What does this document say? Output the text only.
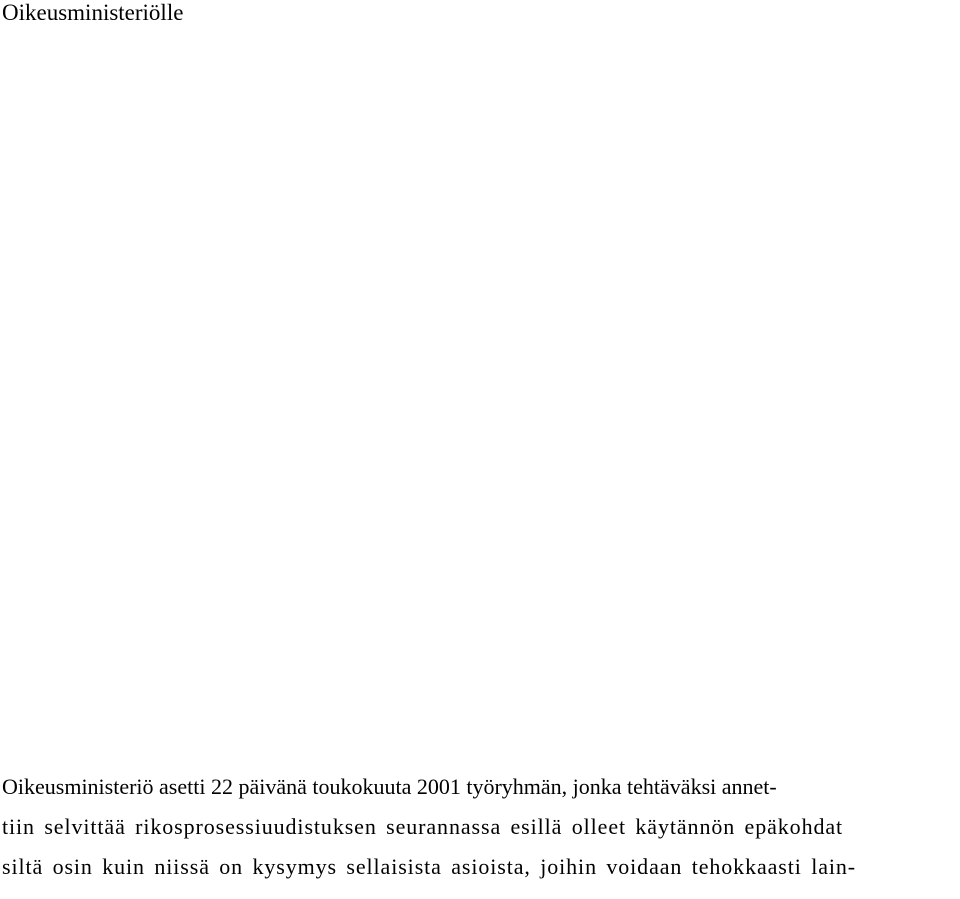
Oikeusministeriölle
Oikeusministeriö asetti 22 päivänä toukokuuta 2001 työryhmän, jonka tehtäväksi annet-
tiin selvittää rikosprosessiuudistuksen seurannassa esillä olleet käytännön epäkohdat
siltä osin kuin niissä on kysymys sellaisista asioista, joihin voidaan tehokkaasti lain-
